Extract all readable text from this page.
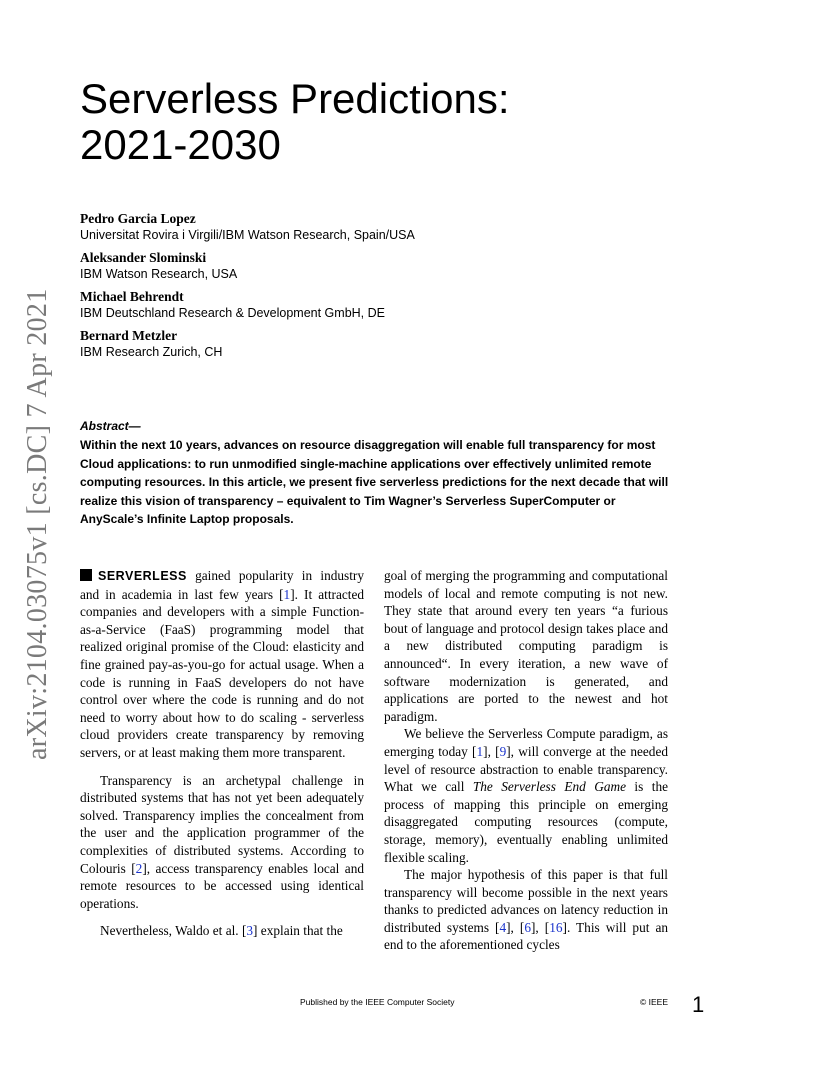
arXiv:2104.03075v1 [cs.DC] 7 Apr 2021
Serverless Predictions:
2021-2030
Pedro Garcia Lopez
Universitat Rovira i Virgili/IBM Watson Research, Spain/USA
Aleksander Slominski
IBM Watson Research, USA
Michael Behrendt
IBM Deutschland Research & Development GmbH, DE
Bernard Metzler
IBM Research Zurich, CH
Abstract—
Within the next 10 years, advances on resource disaggregation will enable full transparency for most Cloud applications: to run unmodified single-machine applications over effectively unlimited remote computing resources. In this article, we present five serverless predictions for the next decade that will realize this vision of transparency – equivalent to Tim Wagner’s Serverless SuperComputer or AnyScale’s Infinite Laptop proposals.

SERVERLESS gained popularity in industry and in academia in last few years [1]. It attracted companies and developers with a simple Function-as-a-Service (FaaS) programming model that realized original promise of the Cloud: elasticity and fine grained pay-as-you-go for actual usage. When a code is running in FaaS developers do not have control over where the code is running and do not need to worry about how to do scaling - serverless cloud providers create transparency by removing servers, or at least making them more transparent.

Transparency is an archetypal challenge in distributed systems that has not yet been adequately solved. Transparency implies the concealment from the user and the application programmer of the complexities of distributed systems. According to Colouris [2], access transparency enables local and remote resources to be accessed using identical operations.

Nevertheless, Waldo et al. [3] explain that the

goal of merging the programming and computational models of local and remote computing is not new. They state that around every ten years “a furious bout of language and protocol design takes place and a new distributed computing paradigm is announced“. In every iteration, a new wave of software modernization is generated, and applications are ported to the newest and hot paradigm.

We believe the Serverless Compute paradigm, as emerging today [1], [9], will converge at the needed level of resource abstraction to enable transparency. What we call The Serverless End Game is the process of mapping this principle on emerging disaggregated computing resources (compute, storage, memory), eventually enabling unlimited flexible scaling.

The major hypothesis of this paper is that full transparency will become possible in the next years thanks to predicted advances on latency reduction in distributed systems [4], [6], [16]. This will put an end to the aforementioned cycles

Published by the IEEE Computer Society	© IEEE 1
